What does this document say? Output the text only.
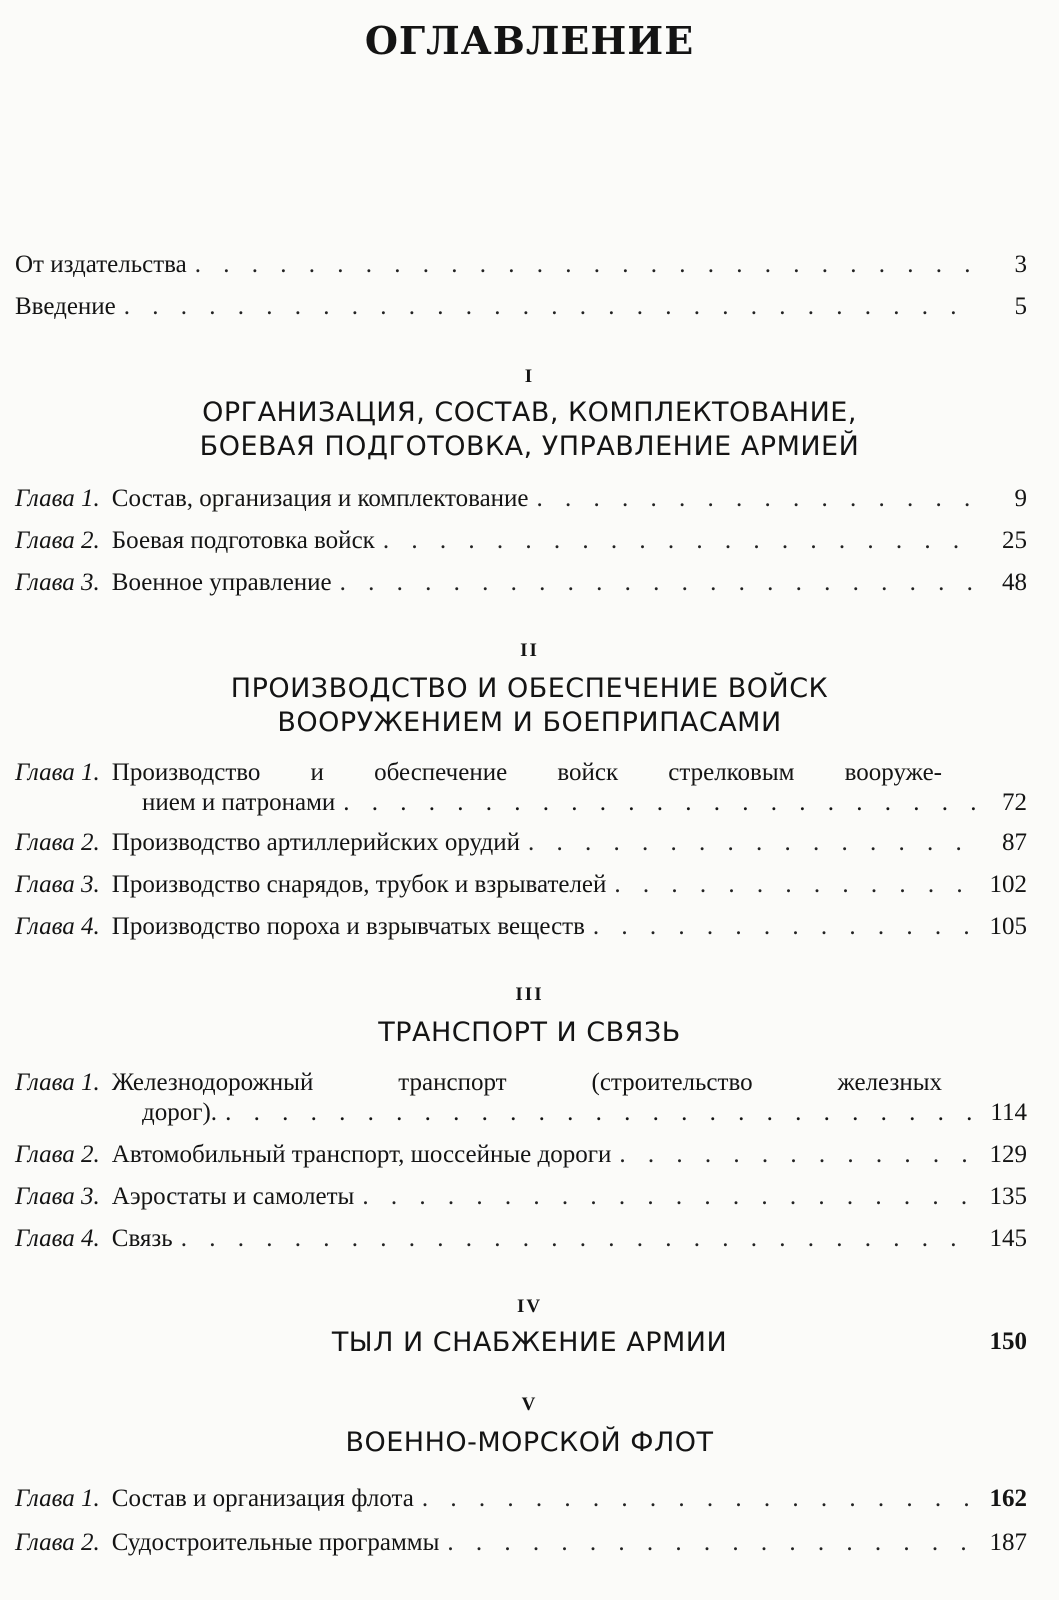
ОГЛАВЛЕНИЕ
От издательства . . .	3
Введение . . .	5
I
ОРГАНИЗАЦИЯ, СОСТАВ, КОМПЛЕКТОВАНИЕ,
БОЕВАЯ ПОДГОТОВКА, УПРАВЛЕНИЕ АРМИЕЙ
Глава 1. Состав, организация и комплектование . . .	9
Глава 2. Боевая подготовка войск . . .	25
Глава 3. Военное управление . . .	48
II
ПРОИЗВОДСТВО И ОБЕСПЕЧЕНИЕ ВОЙСК
ВООРУЖЕНИЕМ И БОЕПРИПАСАМИ
Глава 1. Производство и обеспечение войск стрелковым вооруже-
нием и патронами . . .	72
Глава 2. Производство артиллерийских орудий . . .	87
Глава 3. Производство снарядов, трубок и взрывателей . . .	102
Глава 4. Производство пороха и взрывчатых веществ . . .	105
III
ТРАНСПОРТ И СВЯЗЬ
Глава 1. Железнодорожный транспорт (строительство железных
дорог). . . .	114
Глава 2. Автомобильный транспорт, шоссейные дороги . . .	129
Глава 3. Аэростаты и самолеты . . .	135
Глава 4. Связь . . .	145
IV
ТЫЛ И СНАБЖЕНИЕ АРМИИ	150
V
ВОЕННО-МОРСКОЙ ФЛОТ
Глава 1. Состав и организация флота . . .	162
Глава 2. Судостроительные программы . . .	187
